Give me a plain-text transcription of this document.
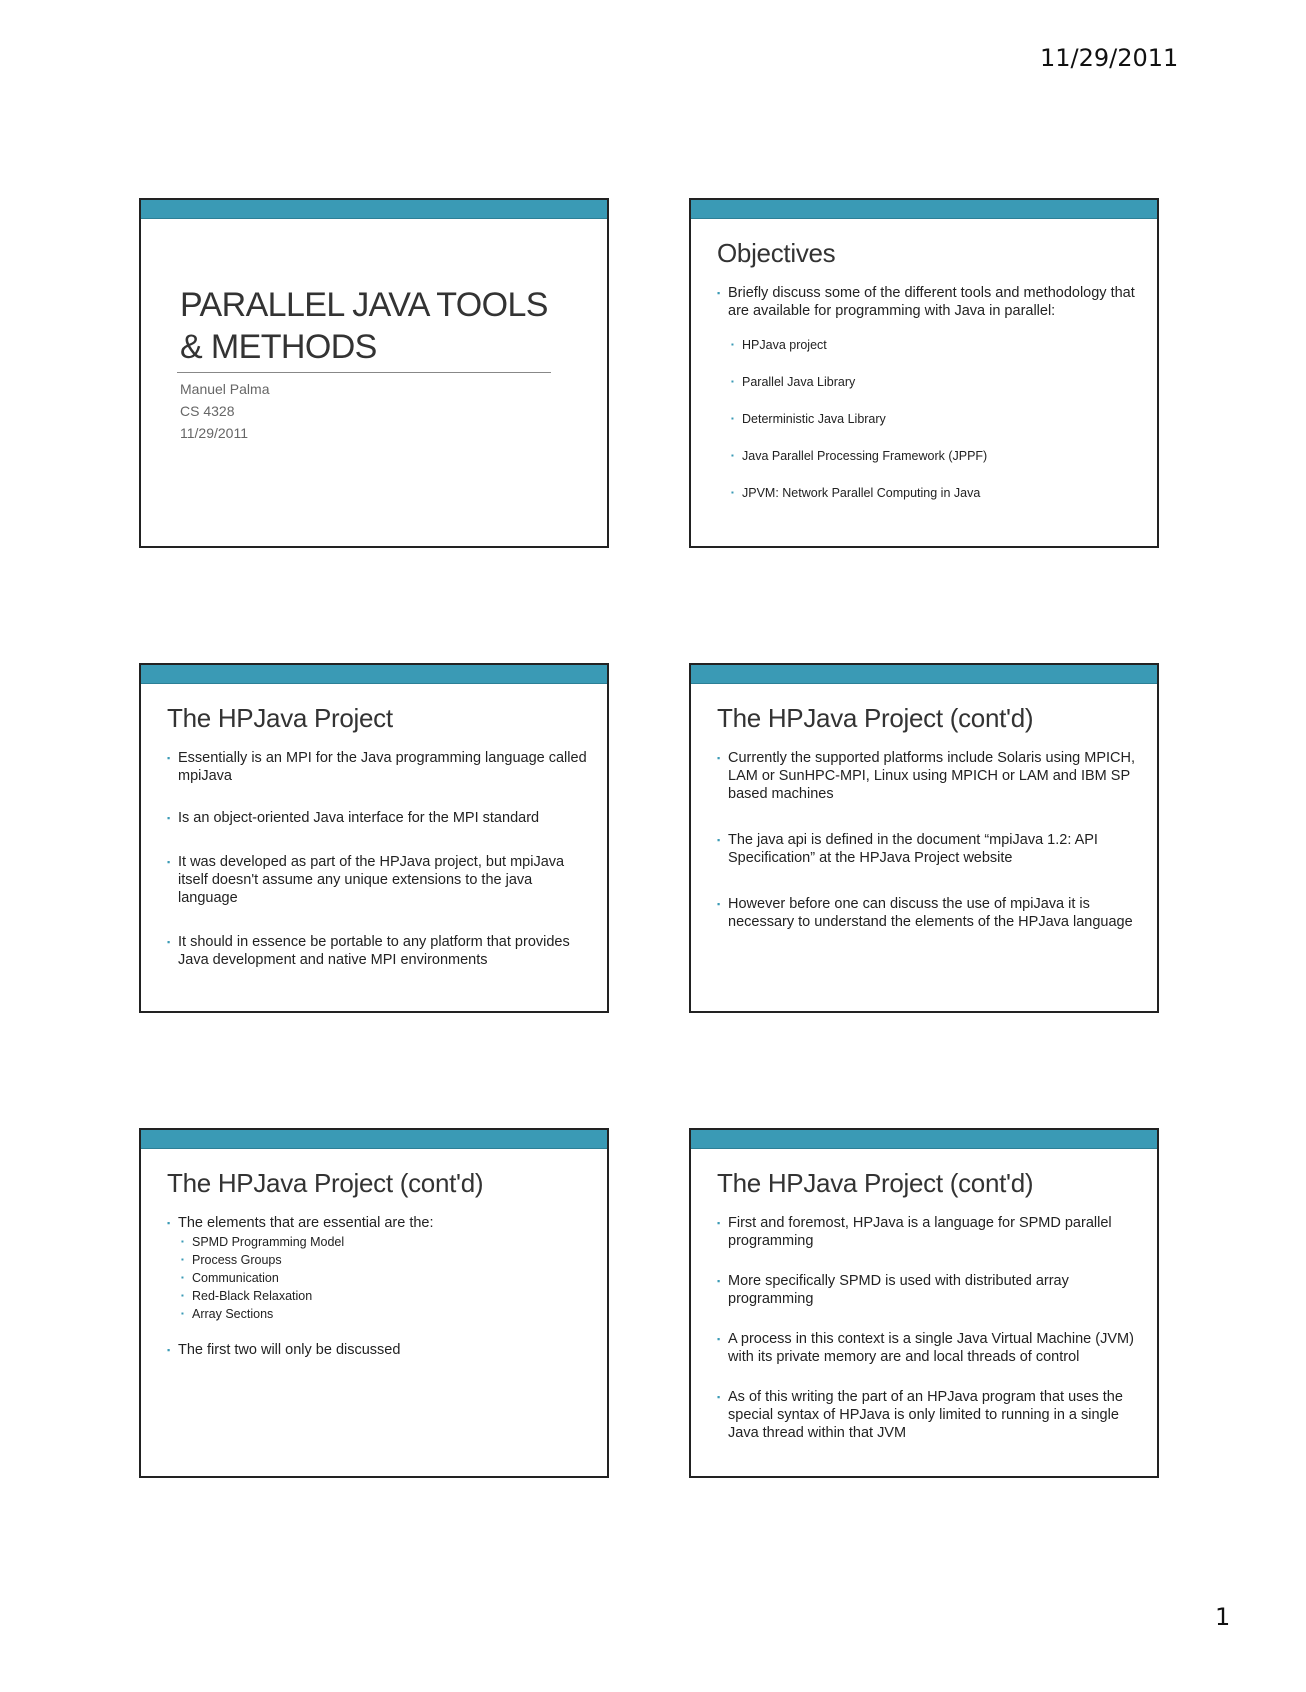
11/29/2011
PARALLEL JAVA TOOLS
& METHODS
Manuel Palma
CS 4328
11/29/2011
Objectives
▪ Briefly discuss some of the different tools and methodology that are available for programming with Java in parallel:
▪ HPJava project
▪ Parallel Java Library
▪ Deterministic Java Library
▪ Java Parallel Processing Framework (JPPF)
▪ JPVM: Network Parallel Computing in Java
The HPJava Project
▪ Essentially is an MPI for the Java programming language called mpiJava
▪ Is an object-oriented Java interface for the MPI standard
▪ It was developed as part of the HPJava project, but mpiJava itself doesn't assume any unique extensions to the java language
▪ It should in essence be portable to any platform that provides Java development and native MPI environments
The HPJava Project (cont'd)
▪ Currently the supported platforms include Solaris using MPICH, LAM or SunHPC-MPI, Linux using MPICH or LAM and IBM SP based machines
▪ The java api is defined in the document “mpiJava 1.2: API Specification” at the HPJava Project website
▪ However before one can discuss the use of mpiJava it is necessary to understand the elements of the HPJava language
The HPJava Project (cont'd)
▪ The elements that are essential are the:
▪ SPMD Programming Model
▪ Process Groups
▪ Communication
▪ Red-Black Relaxation
▪ Array Sections
▪ The first two will only be discussed
The HPJava Project (cont'd)
▪ First and foremost, HPJava is a language for SPMD parallel programming
▪ More specifically SPMD is used with distributed array programming
▪ A process in this context is a single Java Virtual Machine (JVM) with its private memory are and local threads of control
▪ As of this writing the part of an HPJava program that uses the special syntax of HPJava is only limited to running in a single Java thread within that JVM
1
